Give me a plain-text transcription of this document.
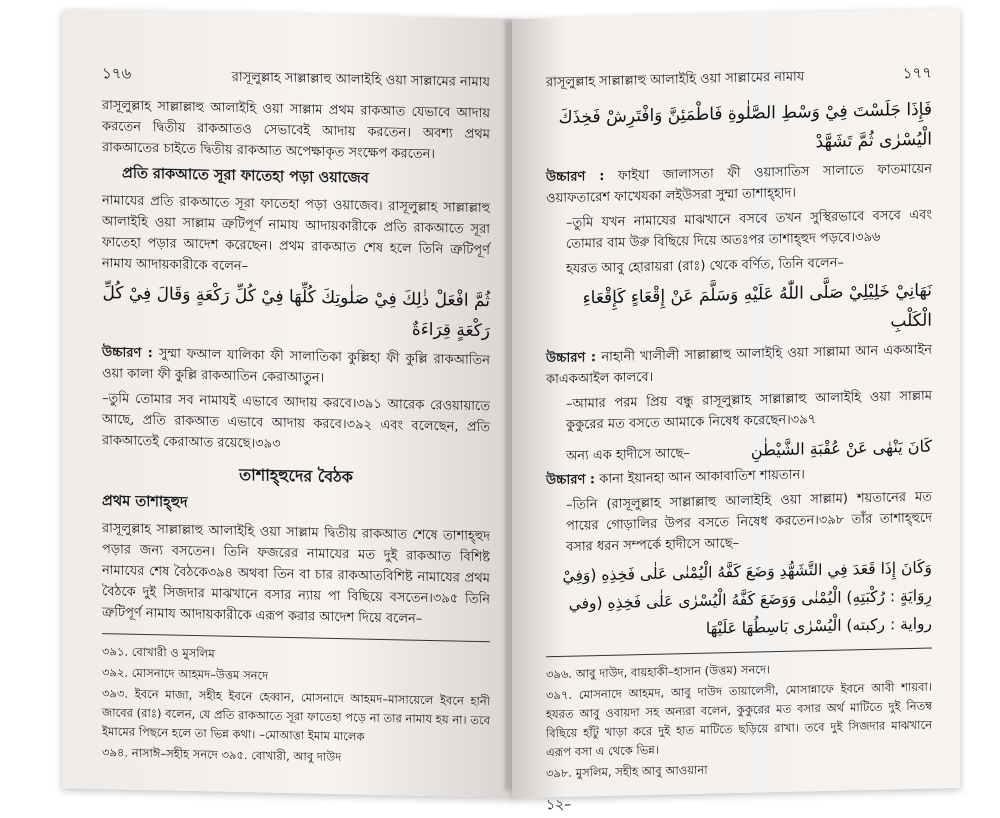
১৭৬	রাসূলুল্লাহ সাল্লাল্লাহু আলাইহি ওয়া সাল্লামের নামায

রাসূলুল্লাহ সাল্লাল্লাহু আলাইহি ওয়া সাল্লাম প্রথম রাকআত যেভাবে আদায় করতেন দ্বিতীয় রাকআতও সেভাবেই আদায় করতেন। অবশ্য প্রথম রাকআতের চাইতে দ্বিতীয় রাকআত অপেক্ষাকৃত সংক্ষেপ করতেন।

প্রতি রাকআতে সূরা ফাতেহা পড়া ওয়াজেব

নামাযের প্রতি রাকআতে সূরা ফাতেহা পড়া ওয়াজেব। রাসূলুল্লাহ সাল্লাল্লাহু আলাইহি ওয়া সাল্লাম ত্রুটিপূর্ণ নামায আদায়কারীকে প্রতি রাকআতে সূরা ফাতেহা পড়ার আদেশ করেছেন। প্রথম রাকআত শেষ হলে তিনি ত্রুটিপূর্ণ নামায আদায়কারীকে বলেন–

ثُمَّ افْعَلْ ذٰلِكَ فِيْ صَلٰوتِكَ كُلِّهَا فِيْ كُلِّ رَكْعَةٍ وَقَالَ فِيْ كُلِّ رَكْعَةٍ قِرَاءَةٌ

উচ্চারণ : সুম্মা ফআল যালিকা ফী সালাতিকা কুল্লিহা ফী কুল্লি রাকআতিন ওয়া কালা ফী কুল্লি রাকআতিন কেরাআতুন।

–তুমি তোমার সব নামাযই এভাবে আদায় করবে।৩৯১ আরেক রেওয়ায়াতে আছে, প্রতি রাকআত এভাবে আদায় করবে।৩৯২ এবং বলেছেন, প্রতি রাকআতেই কেরাআত রয়েছে।৩৯৩

তাশাহ্হুদের বৈঠক
প্রথম তাশাহ্হুদ

রাসূলুল্লাহ সাল্লাল্লাহু আলাইহি ওয়া সাল্লাম দ্বিতীয় রাকআত শেষে তাশাহ্হুদ পড়ার জন্য বসতেন। তিনি ফজরের নামাযের মত দুই রাকআত বিশিষ্ট নামাযের শেষ বৈঠকে৩৯৪ অথবা তিন বা চার রাকআতবিশিষ্ট নামাযের প্রথম বৈঠকে দুই সিজদার মাঝখানে বসার ন্যায় পা বিছিয়ে বসতেন।৩৯৫ তিনি ত্রুটিপূর্ণ নামায আদায়কারীকে এরূপ করার আদেশ দিয়ে বলেন–

৩৯১. বোখারী ও মুসলিম

৩৯২. মোসনাদে আহমদ–উত্তম সনদে

৩৯৩. ইবনে মাজা, সহীহ ইবনে হেব্বান, মোসনাদে আহমদ–মাসায়েলে ইবনে হানী জাবের (রাঃ) বলেন, যে প্রতি রাকআতে সূরা ফাতেহা পড়ে না তার নামায হয় না। তবে ইমামের পিছনে হলে তা ভিন্ন কথা। –মোআত্তা ইমাম মালেক

৩৯৪. নাসাঈ–সহীহ সনদে ৩৯৫. বোখারী, আবু দাউদ

রাসূলুল্লাহ সাল্লাল্লাহু আলাইহি ওয়া সাল্লামের নামায	১৭৭
فَإِذَا جَلَسْتَ فِيْ وَسْطِ الصَّلٰوةِ فَاطْمَئِنَّ وَافْتَرِشْ فَخِذَكَ الْيُسْرٰى ثُمَّ تَشَهَّدْ

উচ্চারণ : ফাইযা জালাসতা ফী ওয়াসাতিস সালাতে ফাতমায়েন ওয়াফতারেশ ফাখেযকা লইউসরা সুম্মা তাশাহ্হাদ।

–তুমি যখন নামাযের মাঝখানে বসবে তখন সুস্থিরভাবে বসবে এবং তোমার বাম উরু বিছিয়ে দিয়ে অতঃপর তাশাহ্হুদ পড়বে।৩৯৬

হযরত আবু হোরায়রা (রাঃ) থেকে বর্ণিত, তিনি বলেন–

نَهَانِيْ خَلِيْلِيْ صَلَّى اللّٰهُ عَلَيْهِ وَسَلَّمَ عَنْ إِقْعَاءٍ كَإِقْعَاءِ الْكَلْبِ

উচ্চারণ : নাহানী খালীলী সাল্লাল্লাহু আলাইহি ওয়া সাল্লামা আন একআইন কাএকআইল কালবে।

–আমার পরম প্রিয় বন্ধু রাসূলুল্লাহ সাল্লাল্লাহু আলাইহি ওয়া সাল্লাম কুকুরের মত বসতে আমাকে নিষেধ করেছেন।৩৯৭

অন্য এক হাদীসে আছে–	كَانَ يَنْهٰى عَنْ عُقْبَةِ الشَّيْطٰنِ

উচ্চারণ : কানা ইয়ানহা আন আকাবাতিশ শায়তান।

–তিনি (রাসূলুল্লাহ সাল্লাল্লাহু আলাইহি ওয়া সাল্লাম) শয়তানের মত পায়ের গোড়ালির উপর বসতে নিষেধ করতেন।৩৯৮ তাঁর তাশাহ্হুদে বসার ধরন সম্পর্কে হাদীসে আছে–

وَكَانَ إِذَا قَعَدَ فِي التَّشَهُّدِ وَضَعَ كَفَّهُ الْيُمْنٰى عَلٰى فَخِذِهِ (وَفِيْ رِوَايَةٍ : رُكْبَتِهِ) الْيُمْنٰى وَوَضَعَ كَفَّهُ الْيُسْرٰى عَلٰى فَخِذِهِ (وفي رواية : ركبته) الْيُسْرٰى بَاسِطُهَا عَلَيْهَا

৩৯৬. আবু দাউদ, বায়হাকী–হাসান (উত্তম) সনদে।

৩৯৭. মোসনাদে আহমদ, আবু দাউদ তায়ালেসী, মোসান্নাফে ইবনে আবী শায়বা। হযরত আবু ওবায়দা সহ অন্যরা বলেন, কুকুরের মত বসার অর্থ মাটিতে দুই নিতম্ব বিছিয়ে হাঁটু খাড়া করে দুই হাত মাটিতে ছড়িয়ে রাখা। তবে দুই সিজদার মাঝখানে এরূপ বসা এ থেকে ভিন্ন।

৩৯৮. মুসলিম, সহীহ আবু আওয়ানা

১২–
